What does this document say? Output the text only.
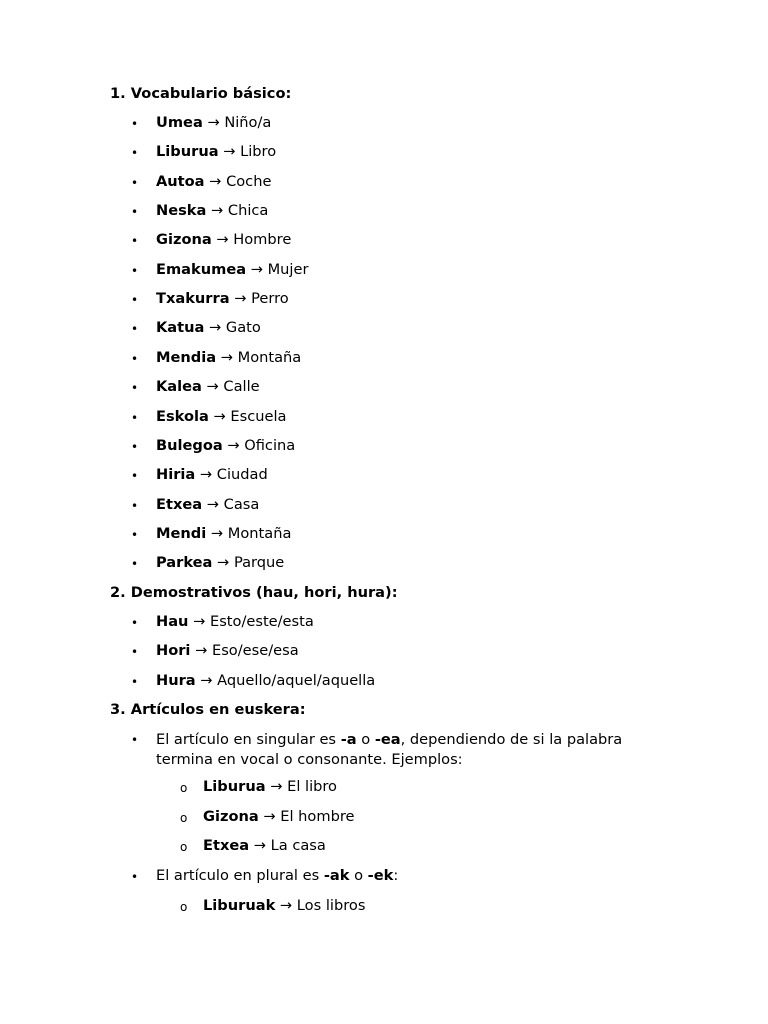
1. Vocabulario básico:
• Umea → Niño/a
• Liburua → Libro
• Autoa → Coche
• Neska → Chica
• Gizona → Hombre
• Emakumea → Mujer
• Txakurra → Perro
• Katua → Gato
• Mendia → Montaña
• Kalea → Calle
• Eskola → Escuela
• Bulegoa → Oficina
• Hiria → Ciudad
• Etxea → Casa
• Mendi → Montaña
• Parkea → Parque
2. Demostrativos (hau, hori, hura):
• Hau → Esto/este/esta
• Hori → Eso/ese/esa
• Hura → Aquello/aquel/aquella
3. Artículos en euskera:
• El artículo en singular es -a o -ea, dependiendo de si la palabra termina en vocal o consonante. Ejemplos:
o Liburua → El libro
o Gizona → El hombre
o Etxea → La casa
• El artículo en plural es -ak o -ek:
o Liburuak → Los libros
